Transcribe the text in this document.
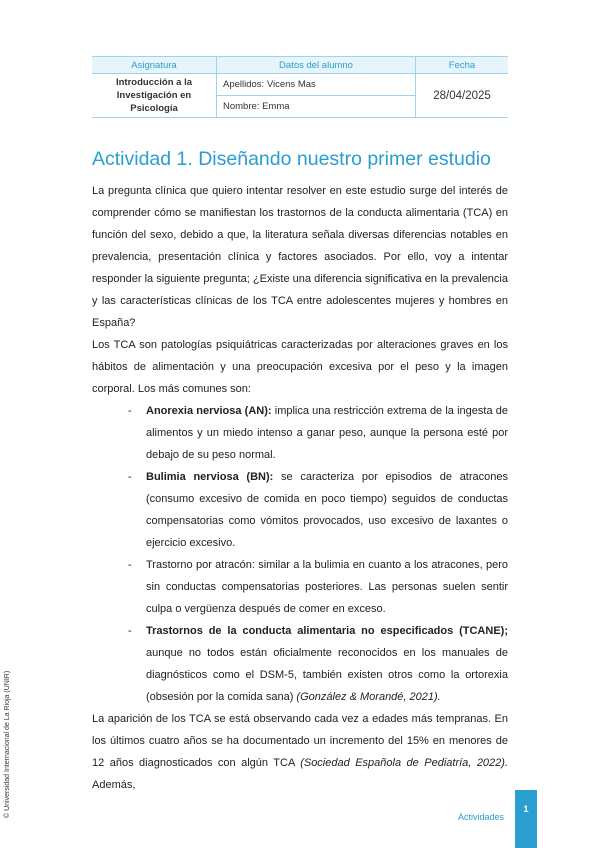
Asignatura	Datos del alumno	Fecha
Introducción a la Investigación en Psicología	Apellidos: Vicens Mas	28/04/2025
	Nombre: Emma	
Actividad 1. Diseñando nuestro primer estudio

La pregunta clínica que quiero intentar resolver en este estudio surge del interés de comprender cómo se manifiestan los trastornos de la conducta alimentaria (TCA) en función del sexo, debido a que, la literatura señala diversas diferencias notables en prevalencia, presentación clínica y factores asociados. Por ello, voy a intentar responder la siguiente pregunta; ¿Existe una diferencia significativa en la prevalencia y las características clínicas de los TCA entre adolescentes mujeres y hombres en España?

Los TCA son patologías psiquiátricas caracterizadas por alteraciones graves en los hábitos de alimentación y una preocupación excesiva por el peso y la imagen corporal. Los más comunes son:

- Anorexia nerviosa (AN): implica una restricción extrema de la ingesta de alimentos y un miedo intenso a ganar peso, aunque la persona esté por debajo de su peso normal.
- Bulimia nerviosa (BN): se caracteriza por episodios de atracones (consumo excesivo de comida en poco tiempo) seguidos de conductas compensatorias como vómitos provocados, uso excesivo de laxantes o ejercicio excesivo.
- Trastorno por atracón: similar a la bulimia en cuanto a los atracones, pero sin conductas compensatorias posteriores. Las personas suelen sentir culpa o vergüenza después de comer en exceso.
- Trastornos de la conducta alimentaria no especificados (TCANE); aunque no todos están oficialmente reconocidos en los manuales de diagnósticos como el DSM-5, también existen otros como la ortorexia (obsesión por la comida sana) (González & Morandé, 2021).

La aparición de los TCA se está observando cada vez a edades más tempranas. En los últimos cuatro años se ha documentado un incremento del 15% en menores de 12 años diagnosticados con algún TCA (Sociedad Española de Pediatría, 2022). Además,

© Universidad Internacional de La Rioja (UNIR)	Actividades
1
